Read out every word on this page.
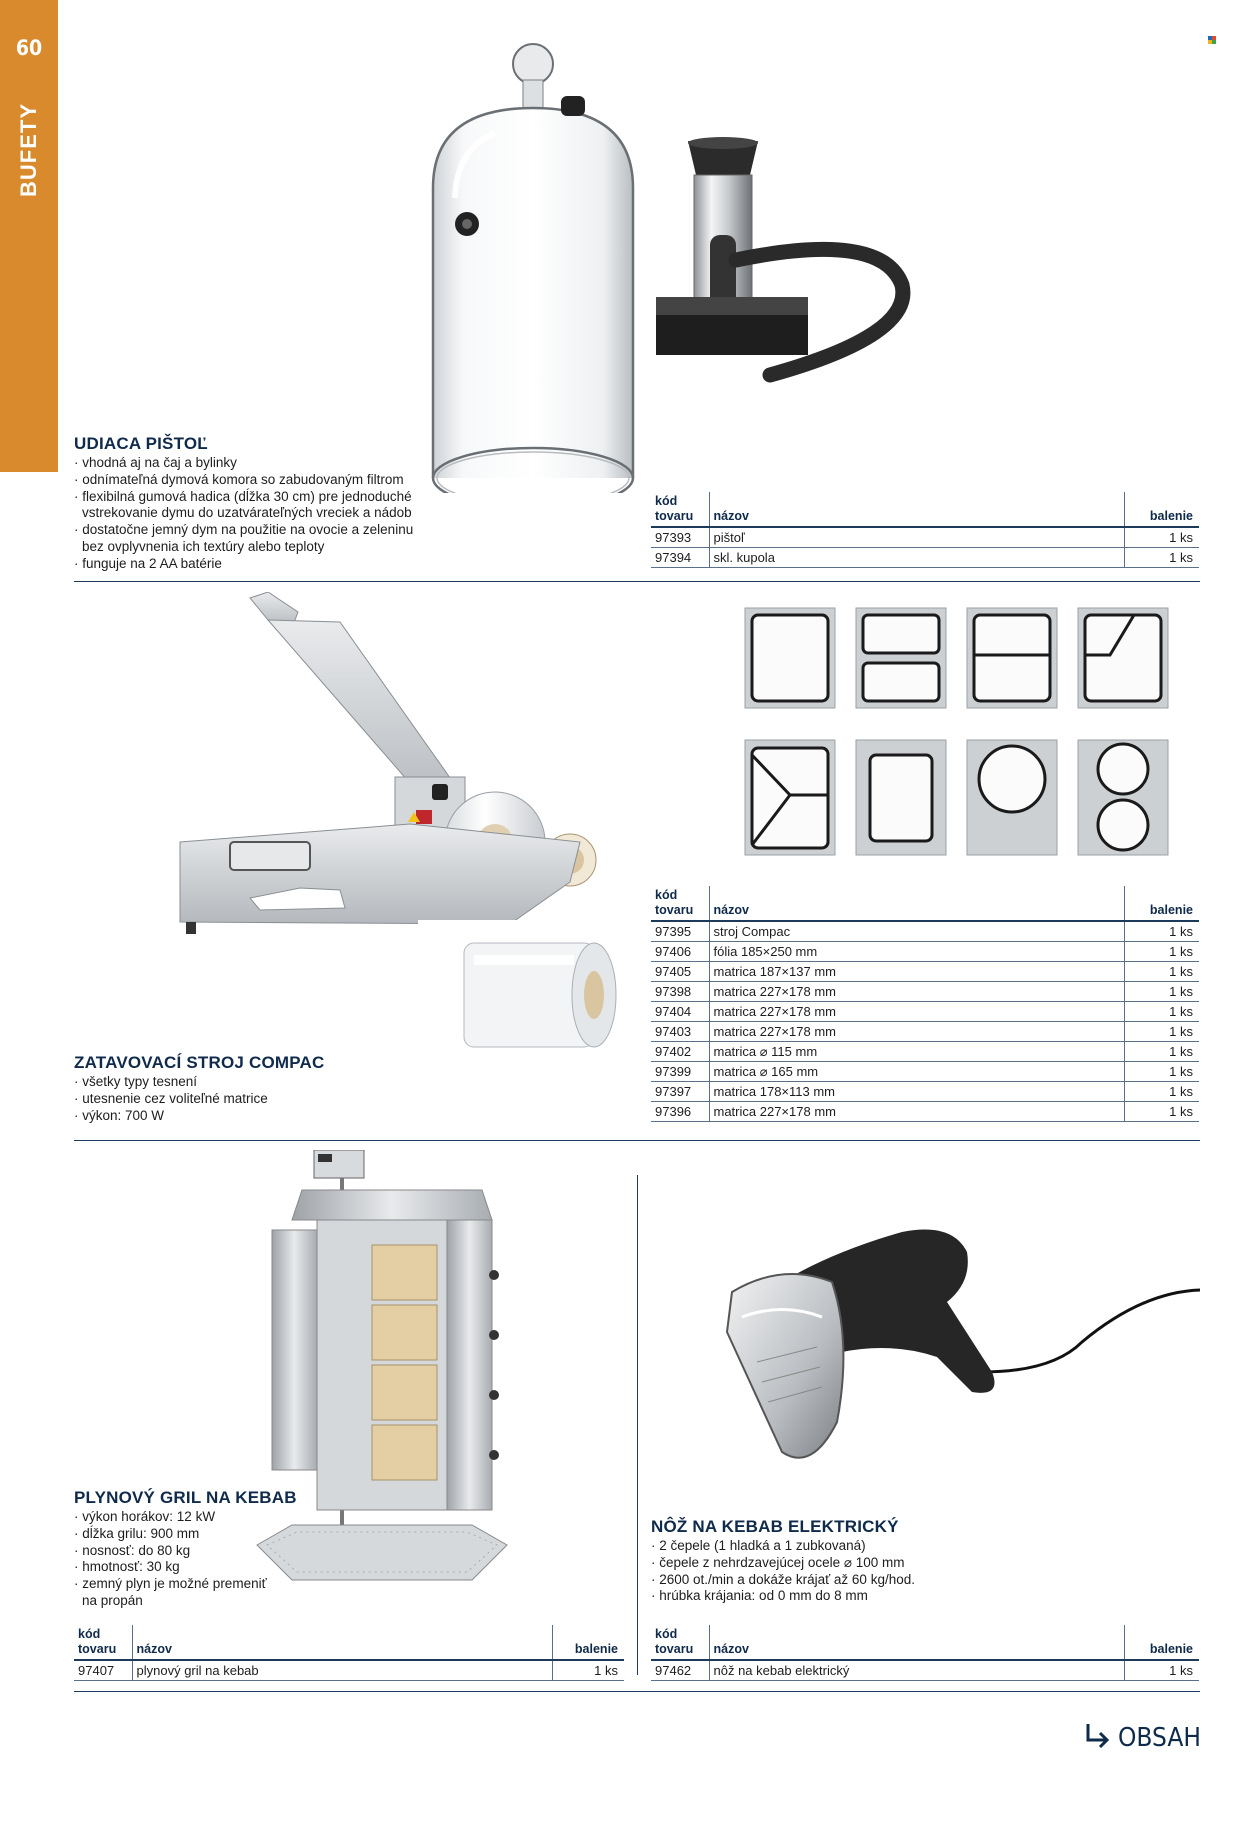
60
BUFETY
UDIACA PIŠTOĽ
· vhodná aj na čaj a bylinky
· odnímateľná dymová komora so zabudovaným filtrom
· flexibilná gumová hadica (dĺžka 30 cm) pre jednoduché vstrekovanie dymu do uzatvárateľných vreciek a nádob
· dostatočne jemný dym na použitie na ovocie a zeleninu bez ovplyvnenia ich textúry alebo teploty
· funguje na 2 AA batérie
kód tovaru	názov	balenie
97393	pištoľ	1 ks
97394	skl. kupola	1 ks
ZATAVOVACÍ STROJ COMPAC
· všetky typy tesnení
· utesnenie cez voliteľné matrice
· výkon: 700 W
kód tovaru	názov	balenie
97395	stroj Compac	1 ks
97406	fólia 185×250 mm	1 ks
97405	matrica 187×137 mm	1 ks
97398	matrica 227×178 mm	1 ks
97404	matrica 227×178 mm	1 ks
97403	matrica 227×178 mm	1 ks
97402	matrica ⌀ 115 mm	1 ks
97399	matrica ⌀ 165 mm	1 ks
97397	matrica 178×113 mm	1 ks
97396	matrica 227×178 mm	1 ks
PLYNOVÝ GRIL NA KEBAB
· výkon horákov: 12 kW
· dĺžka grilu: 900 mm
· nosnosť: do 80 kg
· hmotnosť: 30 kg
· zemný plyn je možné premeniť na propán
kód tovaru	názov	balenie
97407	plynový gril na kebab	1 ks
NÔŽ NA KEBAB ELEKTRICKÝ
· 2 čepele (1 hladká a 1 zubkovaná)
· čepele z nehrdzavejúcej ocele ⌀ 100 mm
· 2600 ot./min a dokáže krájať až 60 kg/hod.
· hrúbka krájania: od 0 mm do 8 mm
kód tovaru	názov	balenie
97462	nôž na kebab elektrický	1 ks
OBSAH
